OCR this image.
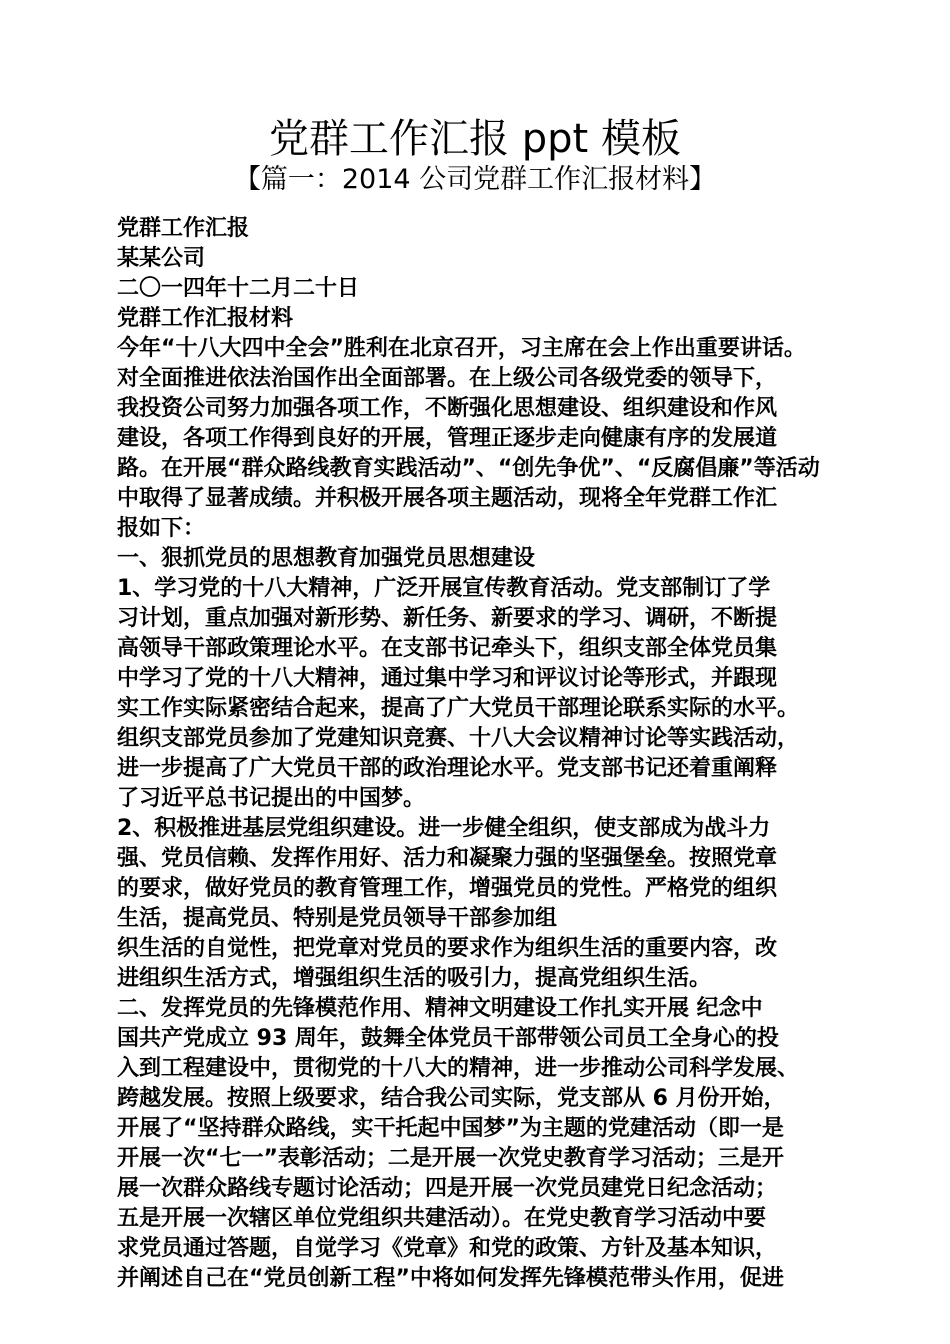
党群工作汇报 ppt 模板
【篇一：2014 公司党群工作汇报材料】
党群工作汇报
某某公司
二〇一四年十二月二十日
党群工作汇报材料
今年“十八大四中全会”胜利在北京召开，习主席在会上作出重要讲话。
对全面推进依法治国作出全面部署。在上级公司各级党委的领导下，
我投资公司努力加强各项工作，不断强化思想建设、组织建设和作风
建设，各项工作得到良好的开展，管理正逐步走向健康有序的发展道
路。在开展“群众路线教育实践活动”、“创先争优”、“反腐倡廉”等活动
中取得了显著成绩。并积极开展各项主题活动，现将全年党群工作汇
报如下：
一、狠抓党员的思想教育加强党员思想建设
1、学习党的十八大精神，广泛开展宣传教育活动。党支部制订了学
习计划，重点加强对新形势、新任务、新要求的学习、调研，不断提
高领导干部政策理论水平。在支部书记牵头下，组织支部全体党员集
中学习了党的十八大精神，通过集中学习和评议讨论等形式，并跟现
实工作实际紧密结合起来，提高了广大党员干部理论联系实际的水平。
组织支部党员参加了党建知识竞赛、十八大会议精神讨论等实践活动，
进一步提高了广大党员干部的政治理论水平。党支部书记还着重阐释
了习近平总书记提出的中国梦。
2、积极推进基层党组织建设。进一步健全组织，使支部成为战斗力
强、党员信赖、发挥作用好、活力和凝聚力强的坚强堡垒。按照党章
的要求，做好党员的教育管理工作，增强党员的党性。严格党的组织
生活，提高党员、特别是党员领导干部参加组
织生活的自觉性，把党章对党员的要求作为组织生活的重要内容，改
进组织生活方式，增强组织生活的吸引力，提高党组织生活。
二、发挥党员的先锋模范作用、精神文明建设工作扎实开展 纪念中
国共产党成立 93 周年，鼓舞全体党员干部带领公司员工全身心的投
入到工程建设中，贯彻党的十八大的精神，进一步推动公司科学发展、
跨越发展。按照上级要求，结合我公司实际，党支部从 6 月份开始，
开展了“坚持群众路线，实干托起中国梦”为主题的党建活动（即一是
开展一次“七一”表彰活动；二是开展一次党史教育学习活动；三是开
展一次群众路线专题讨论活动；四是开展一次党员建党日纪念活动；
五是开展一次辖区单位党组织共建活动）。在党史教育学习活动中要
求党员通过答题，自觉学习《党章》和党的政策、方针及基本知识，
并阐述自己在“党员创新工程”中将如何发挥先锋模范带头作用，促进
